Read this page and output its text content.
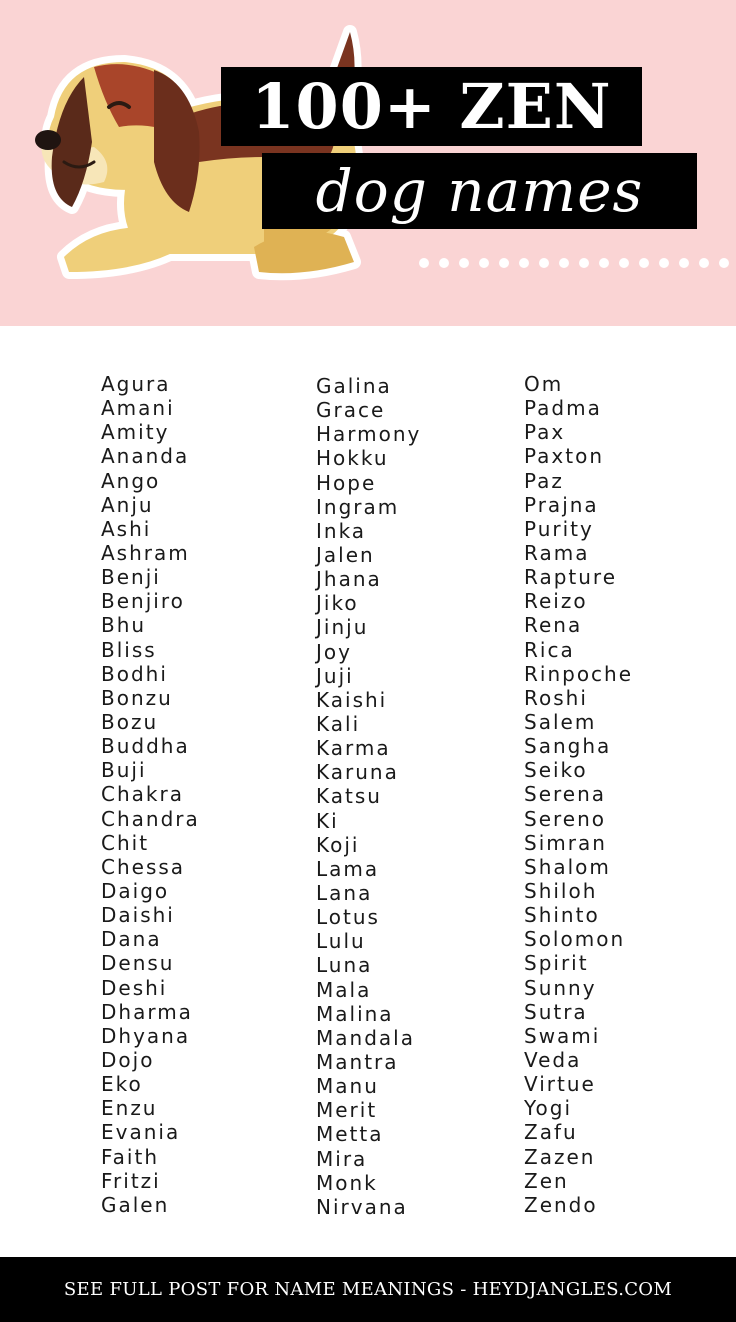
100+ ZEN
dog names
Agura
Amani
Amity
Ananda
Ango
Anju
Ashi
Ashram
Benji
Benjiro
Bhu
Bliss
Bodhi
Bonzu
Bozu
Buddha
Buji
Chakra
Chandra
Chit
Chessa
Daigo
Daishi
Dana
Densu
Deshi
Dharma
Dhyana
Dojo
Eko
Enzu
Evania
Faith
Fritzi
Galen
Galina
Grace
Harmony
Hokku
Hope
Ingram
Inka
Jalen
Jhana
Jiko
Jinju
Joy
Juji
Kaishi
Kali
Karma
Karuna
Katsu
Ki
Koji
Lama
Lana
Lotus
Lulu
Luna
Mala
Malina
Mandala
Mantra
Manu
Merit
Metta
Mira
Monk
Nirvana
Om
Padma
Pax
Paxton
Paz
Prajna
Purity
Rama
Rapture
Reizo
Rena
Rica
Rinpoche
Roshi
Salem
Sangha
Seiko
Serena
Sereno
Simran
Shalom
Shiloh
Shinto
Solomon
Spirit
Sunny
Sutra
Swami
Veda
Virtue
Yogi
Zafu
Zazen
Zen
Zendo
SEE FULL POST FOR NAME MEANINGS - HEYDJANGLES.COM
